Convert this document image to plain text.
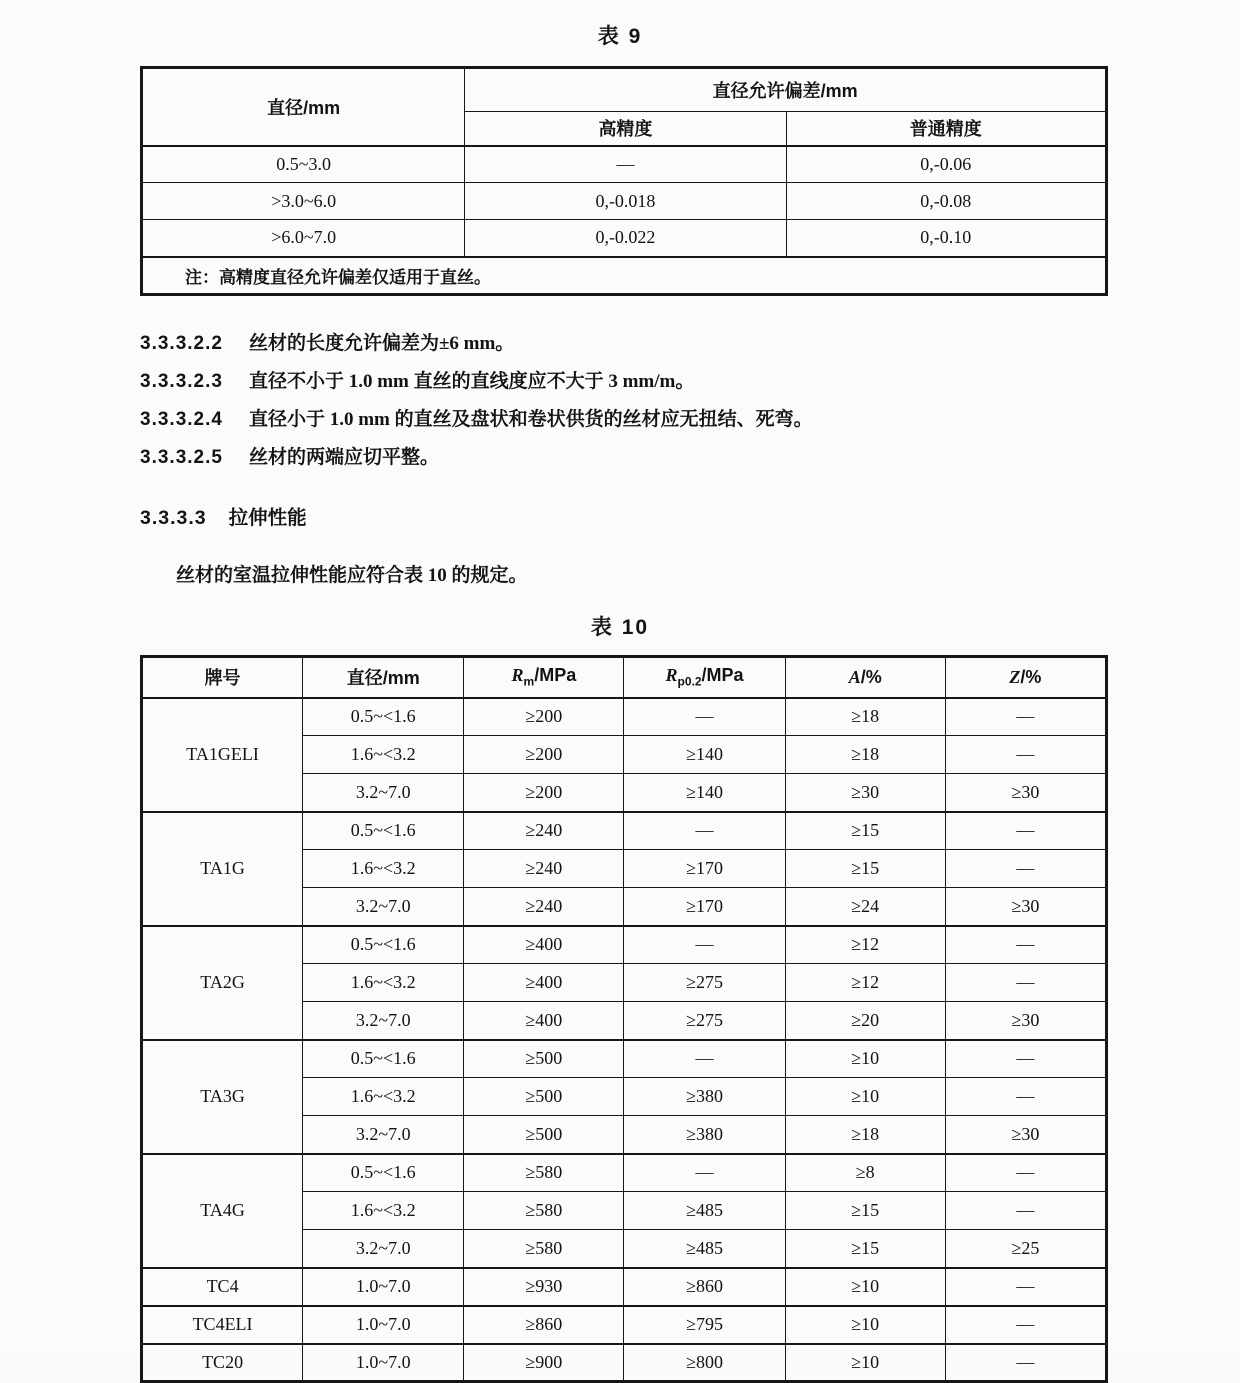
表 9
直径/mm	直径允许偏差/mm	
	高精度	普通精度
0.5~3.0	—	0,-0.06
>3.0~6.0	0,-0.018	0,-0.08
>6.0~7.0	0,-0.022	0,-0.10
注：高精度直径允许偏差仅适用于直丝。		
3.3.3.2.2 丝材的长度允许偏差为±6 mm。
3.3.3.2.3 直径不小于 1.0 mm 直丝的直线度应不大于 3 mm/m。
3.3.3.2.4 直径小于 1.0 mm 的直丝及盘状和卷状供货的丝材应无扭结、死弯。
3.3.3.2.5 丝材的两端应切平整。
3.3.3.3 拉伸性能

丝材的室温拉伸性能应符合表 10 的规定。

表 10
牌号	直径/mm	$R_m$/MPa	$R_{p0.2}$/MPa	A/%	Z/%
TA1GELI	0.5~<1.6	≥200	—	≥18	—
	1.6~<3.2	≥200	≥140	≥18	—
	3.2~7.0	≥200	≥140	≥30	≥30
TA1G	0.5~<1.6	≥240	—	≥15	—
	1.6~<3.2	≥240	≥170	≥15	—
	3.2~7.0	≥240	≥170	≥24	≥30
TA2G	0.5~<1.6	≥400	—	≥12	—
	1.6~<3.2	≥400	≥275	≥12	—
	3.2~7.0	≥400	≥275	≥20	≥30
TA3G	0.5~<1.6	≥500	—	≥10	—
	1.6~<3.2	≥500	≥380	≥10	—
	3.2~7.0	≥500	≥380	≥18	≥30
TA4G	0.5~<1.6	≥580	—	≥8	—
	1.6~<3.2	≥580	≥485	≥15	—
	3.2~7.0	≥580	≥485	≥15	≥25
TC4	1.0~7.0	≥930	≥860	≥10	—
TC4ELI	1.0~7.0	≥860	≥795	≥10	—
TC20	1.0~7.0	≥900	≥800	≥10	—
